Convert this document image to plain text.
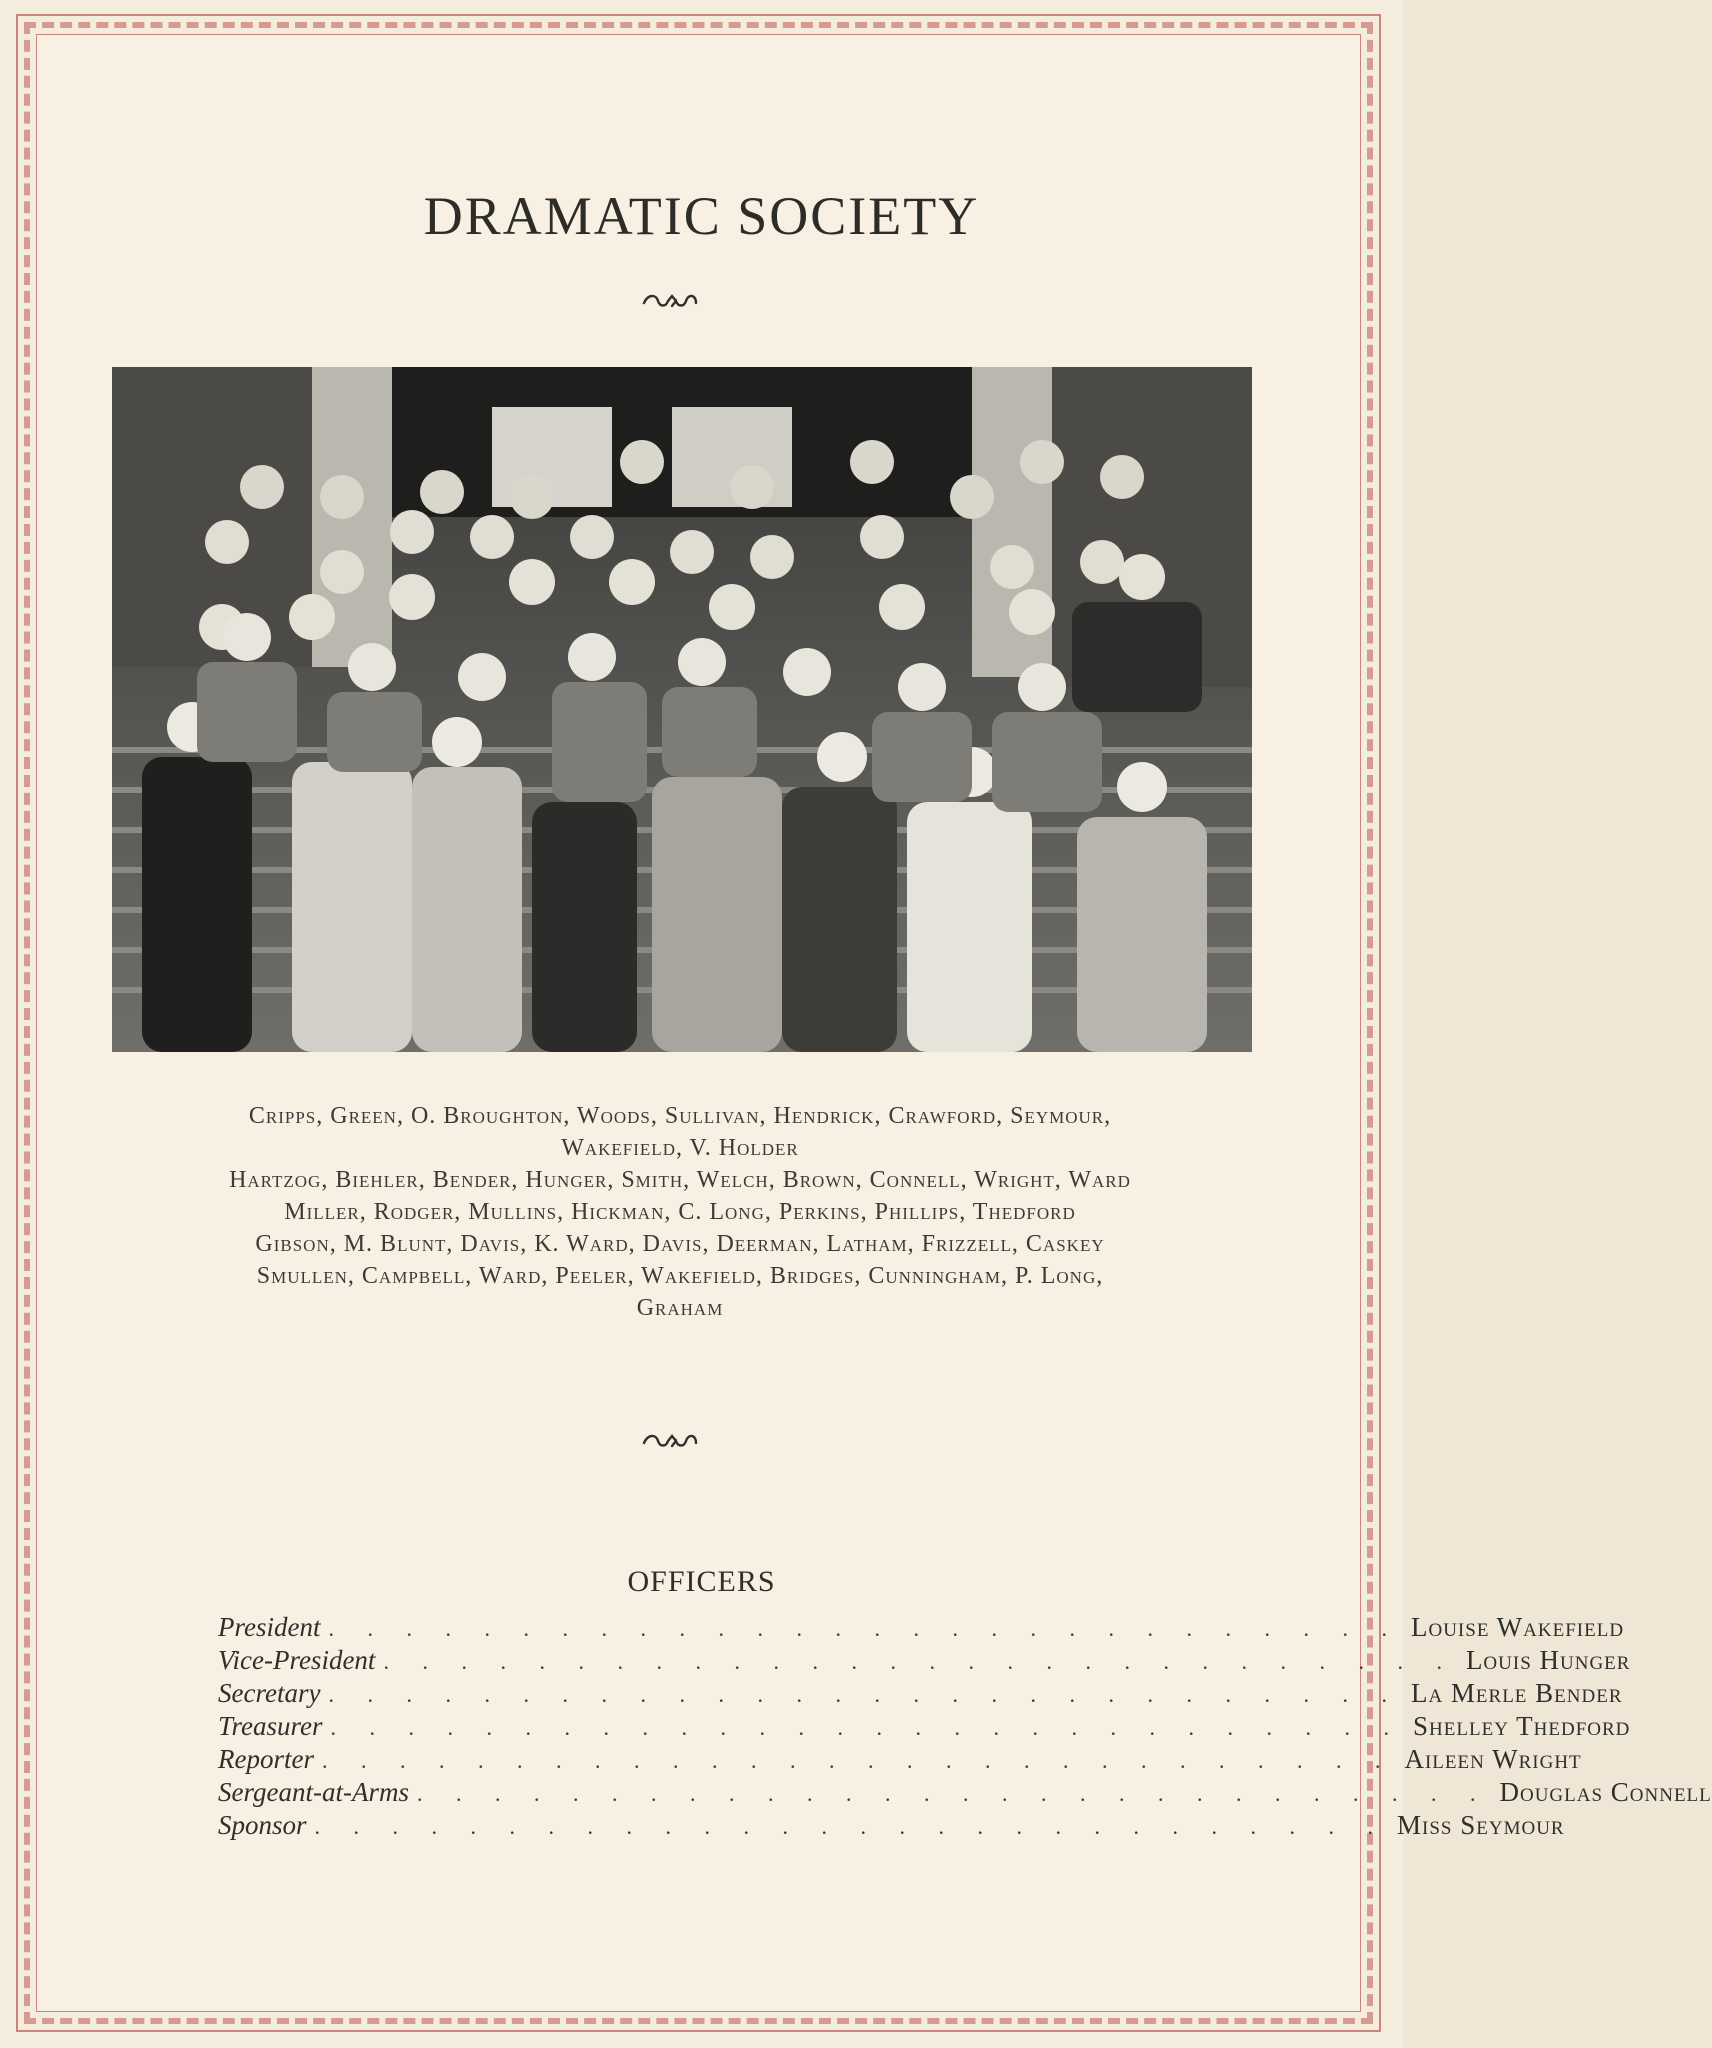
DRAMATIC SOCIETY
Cripps, Green, O. Broughton, Woods, Sullivan, Hendrick, Crawford, Seymour,
Wakefield, V. Holder
Hartzog, Biehler, Bender, Hunger, Smith, Welch, Brown, Connell, Wright, Ward
Miller, Rodger, Mullins, Hickman, C. Long, Perkins, Phillips, Thedford
Gibson, M. Blunt, Davis, K. Ward, Davis, Deerman, Latham, Frizzell, Caskey
Smullen, Campbell, Ward, Peeler, Wakefield, Bridges, Cunningham, P. Long,
Graham
OFFICERS
President . . . . . . . . . . . . . . . . . . . . . . . . . . . . Louise Wakefield
Vice-President . . . . . . . . . . . . . . . . . . . . . . . . . . . . Louis Hunger
Secretary . . . . . . . . . . . . . . . . . . . . . . . . . . . . La Merle Bender
Treasurer . . . . . . . . . . . . . . . . . . . . . . . . . . . . Shelley Thedford
Reporter . . . . . . . . . . . . . . . . . . . . . . . . . . . . Aileen Wright
Sergeant-at-Arms . . . . . . . . . . . . . . . . . . . . . . . . . . . . Douglas Connell
Sponsor . . . . . . . . . . . . . . . . . . . . . . . . . . . . Miss Seymour
